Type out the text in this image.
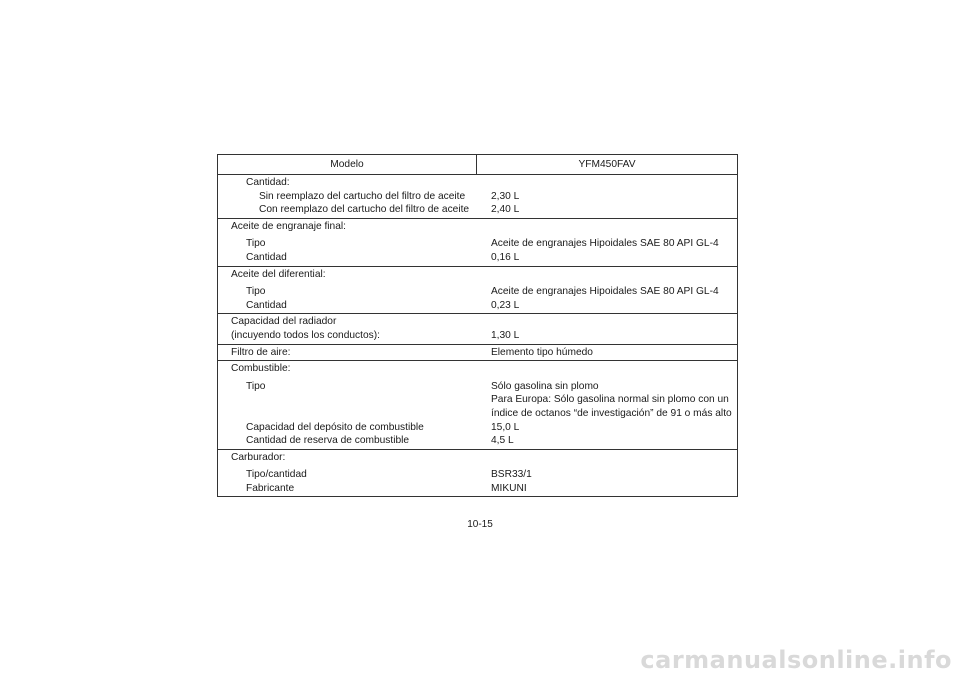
Modelo	YFM450FAV
Cantidad:
Sin reemplazo del cartucho del filtro de aceite	2,30 L
Con reemplazo del cartucho del filtro de aceite	2,40 L
Aceite de engranaje final:
Tipo	Aceite de engranajes Hipoidales SAE 80 API GL-4
Cantidad	0,16 L
Aceite del diferential:
Tipo	Aceite de engranajes Hipoidales SAE 80 API GL-4
Cantidad	0,23 L
Capacidad del radiador
(incuyendo todos los conductos):	1,30 L
Filtro de aire:	Elemento tipo húmedo
Combustible:
Tipo	Sólo gasolina sin plomo
Para Europa: Sólo gasolina normal sin plomo con un
índice de octanos “de investigación” de 91 o más alto
Capacidad del depósito de combustible	15,0 L
Cantidad de reserva de combustible	4,5 L
Carburador:
Tipo/cantidad	BSR33/1
Fabricante	MIKUNI
10-15
carmanualsonline.info
